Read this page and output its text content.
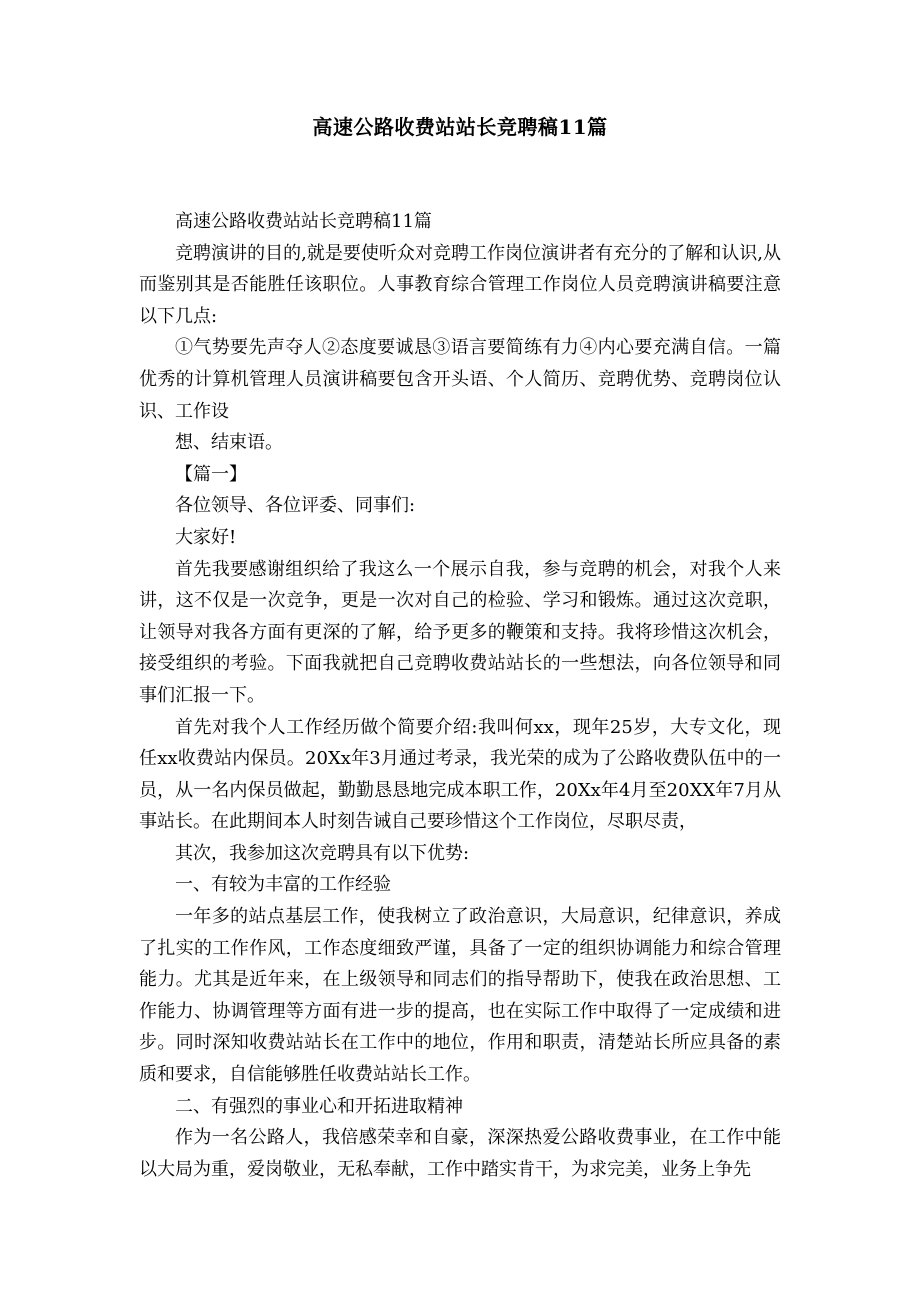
高速公路收费站站长竞聘稿11篇

高速公路收费站站长竞聘稿11篇

竞聘演讲的目的,就是要使听众对竞聘工作岗位演讲者有充分的了解和认识,从而鉴别其是否能胜任该职位。人事教育综合管理工作岗位人员竞聘演讲稿要注意以下几点:

①气势要先声夺人②态度要诚恳③语言要简练有力④内心要充满自信。一篇优秀的计算机管理人员演讲稿要包含开头语、个人简历、竞聘优势、竞聘岗位认识、工作设

想、结束语。

【篇一】

各位领导、各位评委、同事们:

大家好!

首先我要感谢组织给了我这么一个展示自我，参与竞聘的机会，对我个人来讲，这不仅是一次竞争，更是一次对自己的检验、学习和锻炼。通过这次竞职，让领导对我各方面有更深的了解，给予更多的鞭策和支持。我将珍惜这次机会，接受组织的考验。下面我就把自己竞聘收费站站长的一些想法，向各位领导和同事们汇报一下。

首先对我个人工作经历做个简要介绍:我叫何xx，现年25岁，大专文化，现任xx收费站内保员。20Xx年3月通过考录，我光荣的成为了公路收费队伍中的一员，从一名内保员做起，勤勤恳恳地完成本职工作，20Xx年4月至20XX年7月从事站长。在此期间本人时刻告诫自己要珍惜这个工作岗位，尽职尽责，

其次，我参加这次竞聘具有以下优势:

一、有较为丰富的工作经验

一年多的站点基层工作，使我树立了政治意识，大局意识，纪律意识，养成了扎实的工作作风，工作态度细致严谨，具备了一定的组织协调能力和综合管理能力。尤其是近年来，在上级领导和同志们的指导帮助下，使我在政治思想、工作能力、协调管理等方面有进一步的提高，也在实际工作中取得了一定成绩和进步。同时深知收费站站长在工作中的地位，作用和职责，清楚站长所应具备的素质和要求，自信能够胜任收费站站长工作。

二、有强烈的事业心和开拓进取精神

作为一名公路人，我倍感荣幸和自豪，深深热爱公路收费事业，在工作中能以大局为重，爱岗敬业，无私奉献，工作中踏实肯干，为求完美，业务上争先
